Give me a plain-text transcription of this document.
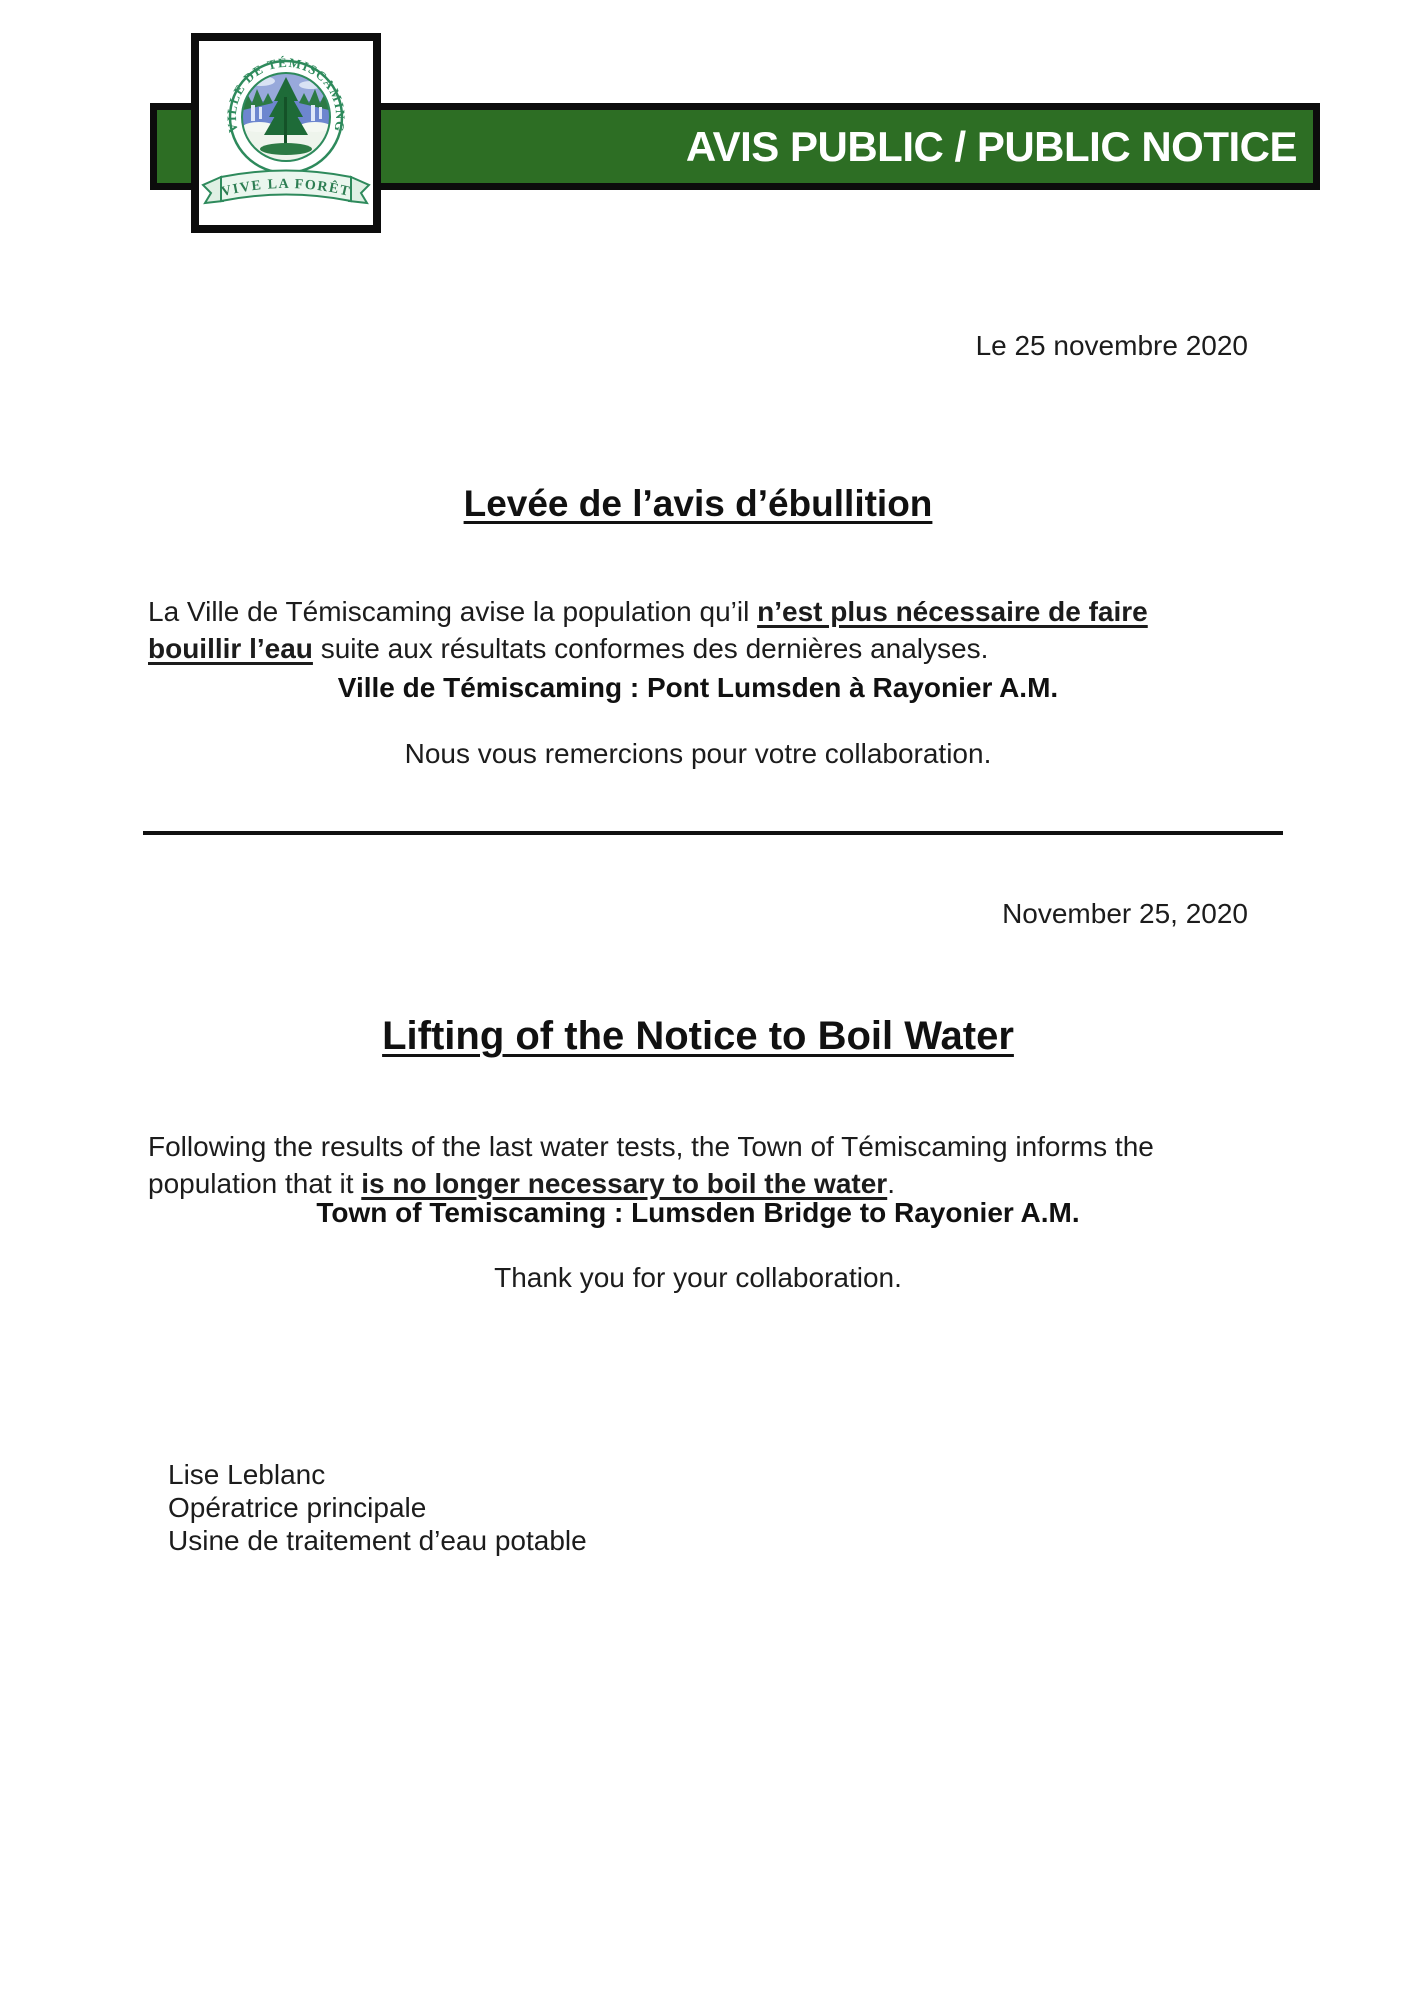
AVIS PUBLIC / PUBLIC NOTICE
VILLE DE TÉMISCAMING
VIVE LA FORÊT
Le 25 novembre 2020
Levée de l’avis d’ébullition

La Ville de Témiscaming avise la population qu’il n’est plus nécessaire de faire bouillir l’eau suite aux résultats conformes des dernières analyses.

Ville de Témiscaming : Pont Lumsden à Rayonier A.M.
Nous vous remercions pour votre collaboration.
November 25, 2020
Lifting of the Notice to Boil Water

Following the results of the last water tests, the Town of Témiscaming informs the population that it is no longer necessary to boil the water.

Town of Temiscaming : Lumsden Bridge to Rayonier A.M.
Thank you for your collaboration.
Lise Leblanc
Opératrice principale
Usine de traitement d’eau potable
